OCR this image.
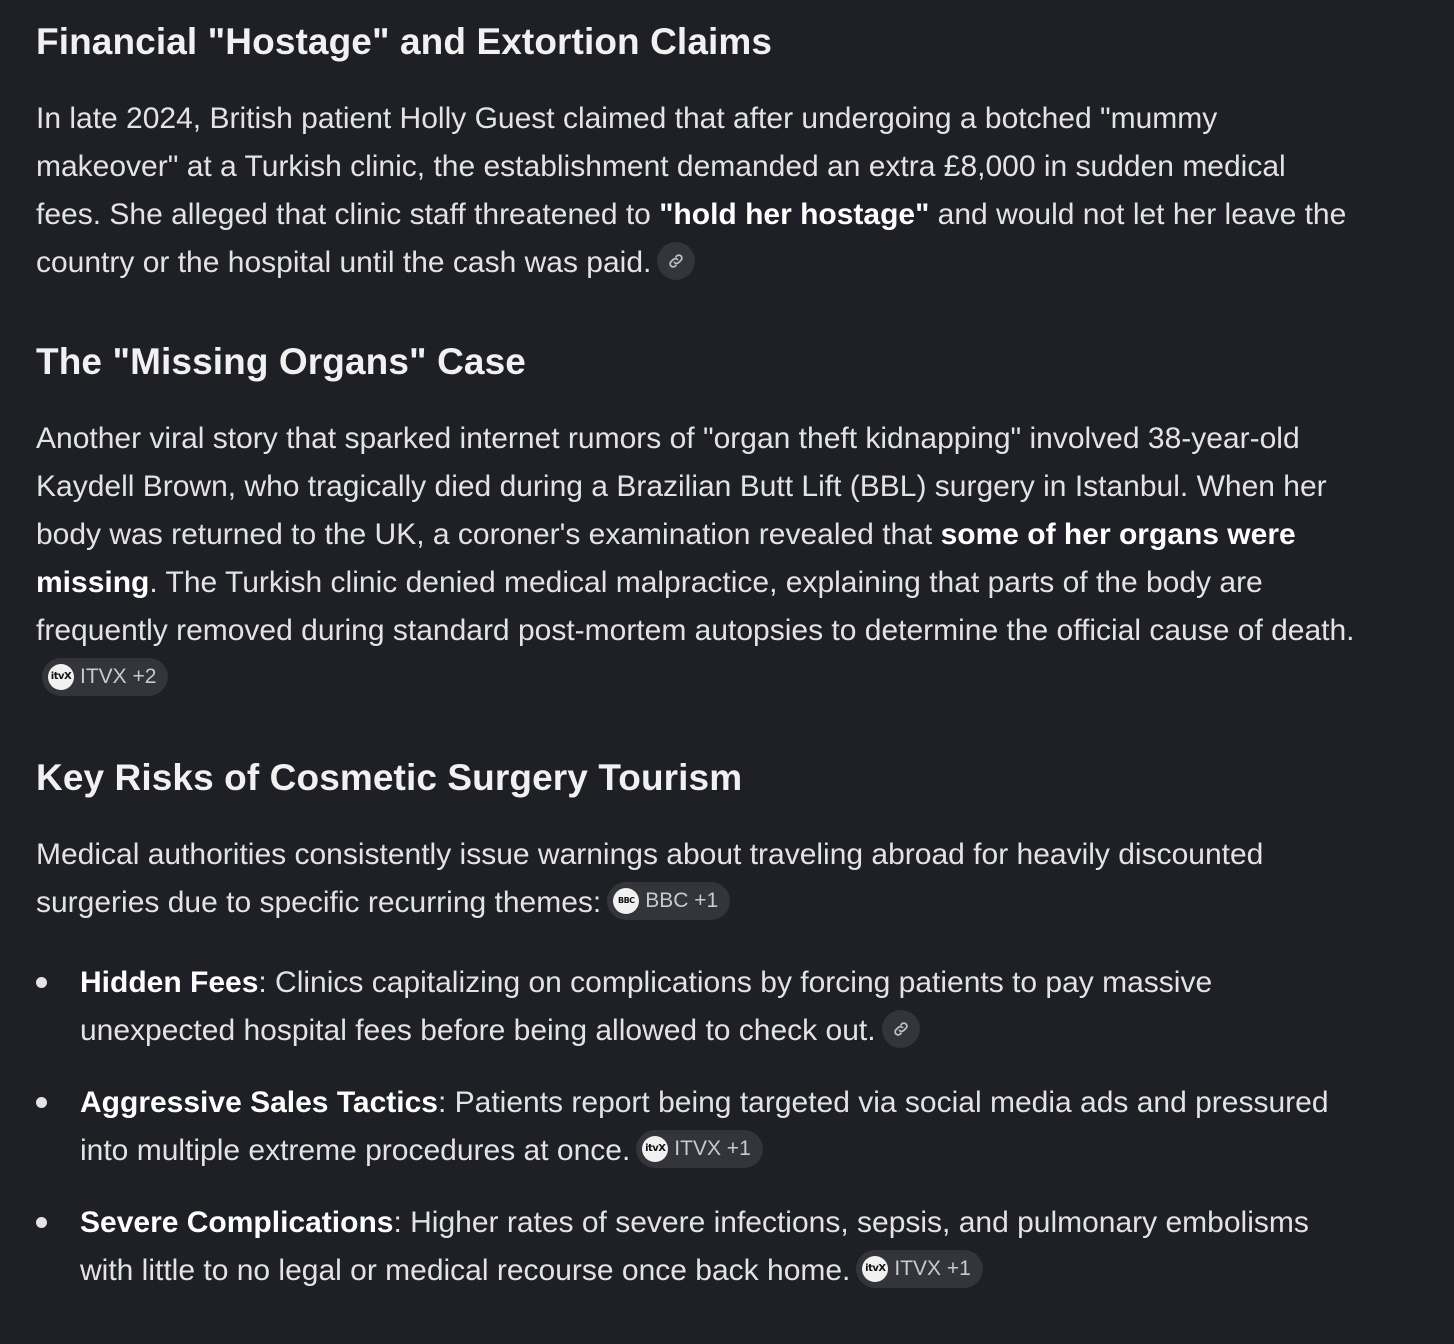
Financial "Hostage" and Extortion Claims

In late 2024, British patient Holly Guest claimed that after undergoing a botched "mummy makeover" at a Turkish clinic, the establishment demanded an extra £8,000 in sudden medical fees. She alleged that clinic staff threatened to "hold her hostage" and would not let her leave the country or the hospital until the cash was paid.

The "Missing Organs" Case

Another viral story that sparked internet rumors of "organ theft kidnapping" involved 38-year-old Kaydell Brown, who tragically died during a Brazilian Butt Lift (BBL) surgery in Istanbul. When her body was returned to the UK, a coroner's examination revealed that some of her organs were missing. The Turkish clinic denied medical malpractice, explaining that parts of the body are frequently removed during standard post-mortem autopsies to determine the official cause of death.
itvX ITVX +2

Key Risks of Cosmetic Surgery Tourism

Medical authorities consistently issue warnings about traveling abroad for heavily discounted surgeries due to specific recurring themes:	BBC BBC +1

Hidden Fees: Clinics capitalizing on complications by forcing patients to pay massive unexpected hospital fees before being allowed to check out.
Aggressive Sales Tactics: Patients report being targeted via social media ads and pressured into multiple extreme procedures at once. itvX ITVX +1
Severe Complications: Higher rates of severe infections, sepsis, and pulmonary embolisms with little to no legal or medical recourse once back home. itvX ITVX +1
